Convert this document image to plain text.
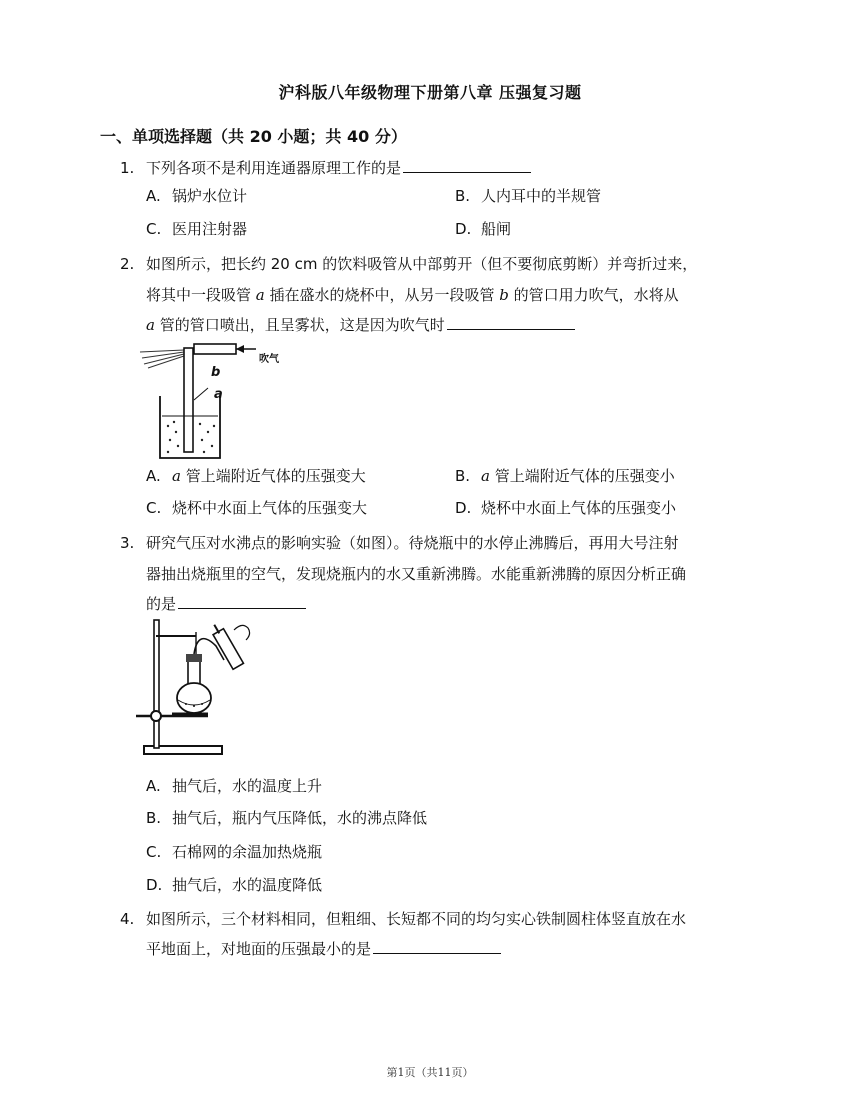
沪科版八年级物理下册第八章 压强复习题
一、单项选择题（共 20 小题；共 40 分）
1. 下列各项不是利用连通器原理工作的是
A. 锅炉水位计	B. 人内耳中的半规管
C. 医用注射器	D. 船闸
2. 如图所示，把长约 20 cm 的饮料吸管从中部剪开（但不要彻底剪断）并弯折过来，
将其中一段吸管 a 插在盛水的烧杯中，从另一段吸管 b 的管口用力吹气，水将从
a 管的管口喷出，且呈雾状，这是因为吹气时
吹气
b
a
A. a 管上端附近气体的压强变大	B. a 管上端附近气体的压强变小
C. 烧杯中水面上气体的压强变大	D. 烧杯中水面上气体的压强变小
3. 研究气压对水沸点的影响实验（如图）。待烧瓶中的水停止沸腾后，再用大号注射
器抽出烧瓶里的空气，发现烧瓶内的水又重新沸腾。水能重新沸腾的原因分析正确
的是
A. 抽气后，水的温度上升
B. 抽气后，瓶内气压降低，水的沸点降低
C. 石棉网的余温加热烧瓶
D. 抽气后，水的温度降低
4. 如图所示，三个材料相同，但粗细、长短都不同的均匀实心铁制圆柱体竖直放在水
平地面上，对地面的压强最小的是
第1页（共11页）
